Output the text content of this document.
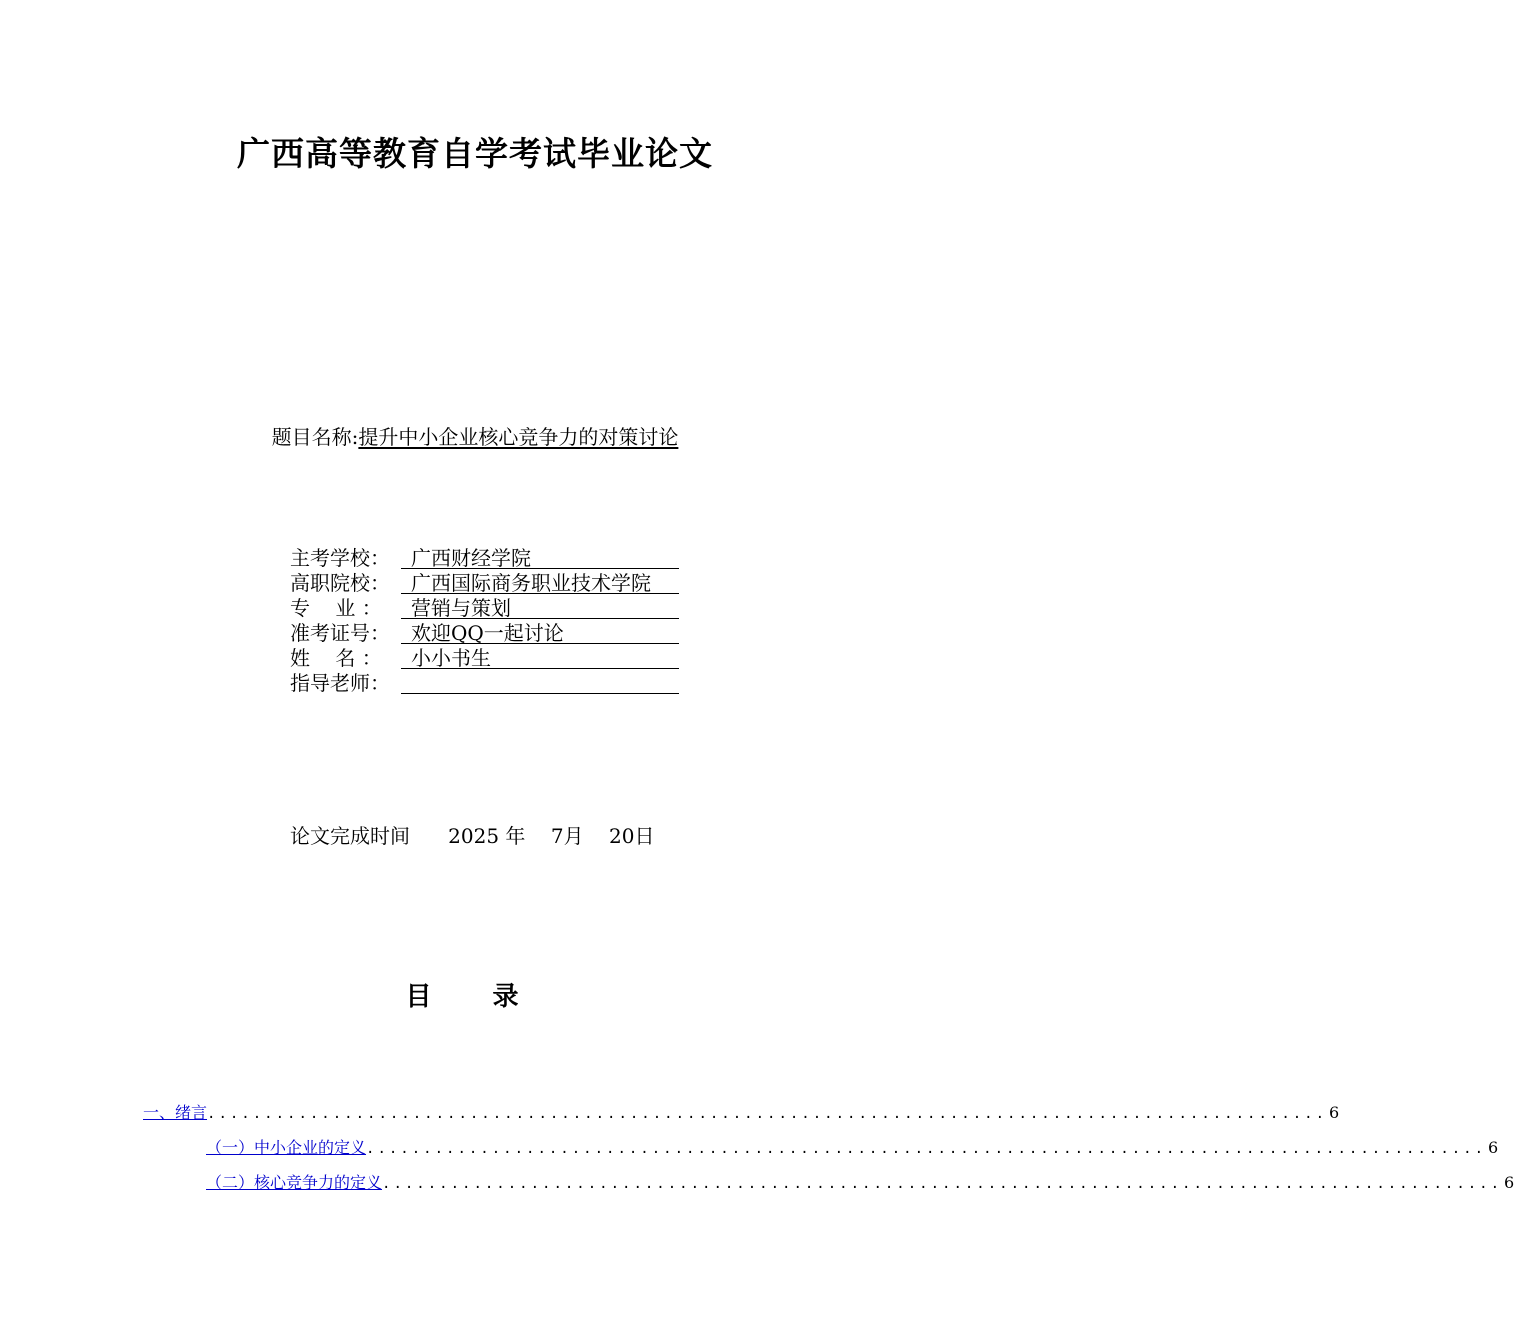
广西高等教育自学考试毕业论文
题目名称:提升中小企业核心竞争力的对策讨论
主考学校：	广西财经学院
高职院校：	广西国际商务职业技术学院
专    业 ：	营销与策划
准考证号：	欢迎QQ一起讨论
姓    名 ：	小小书生
指导老师：
论文完成时间 2025 年 7月 20日
目 录
一、绪言 .................................................................................................. 6
（一）中小企业的定义 .................................................................................................. 6
（二）核心竞争力的定义 .................................................................................................. 6
